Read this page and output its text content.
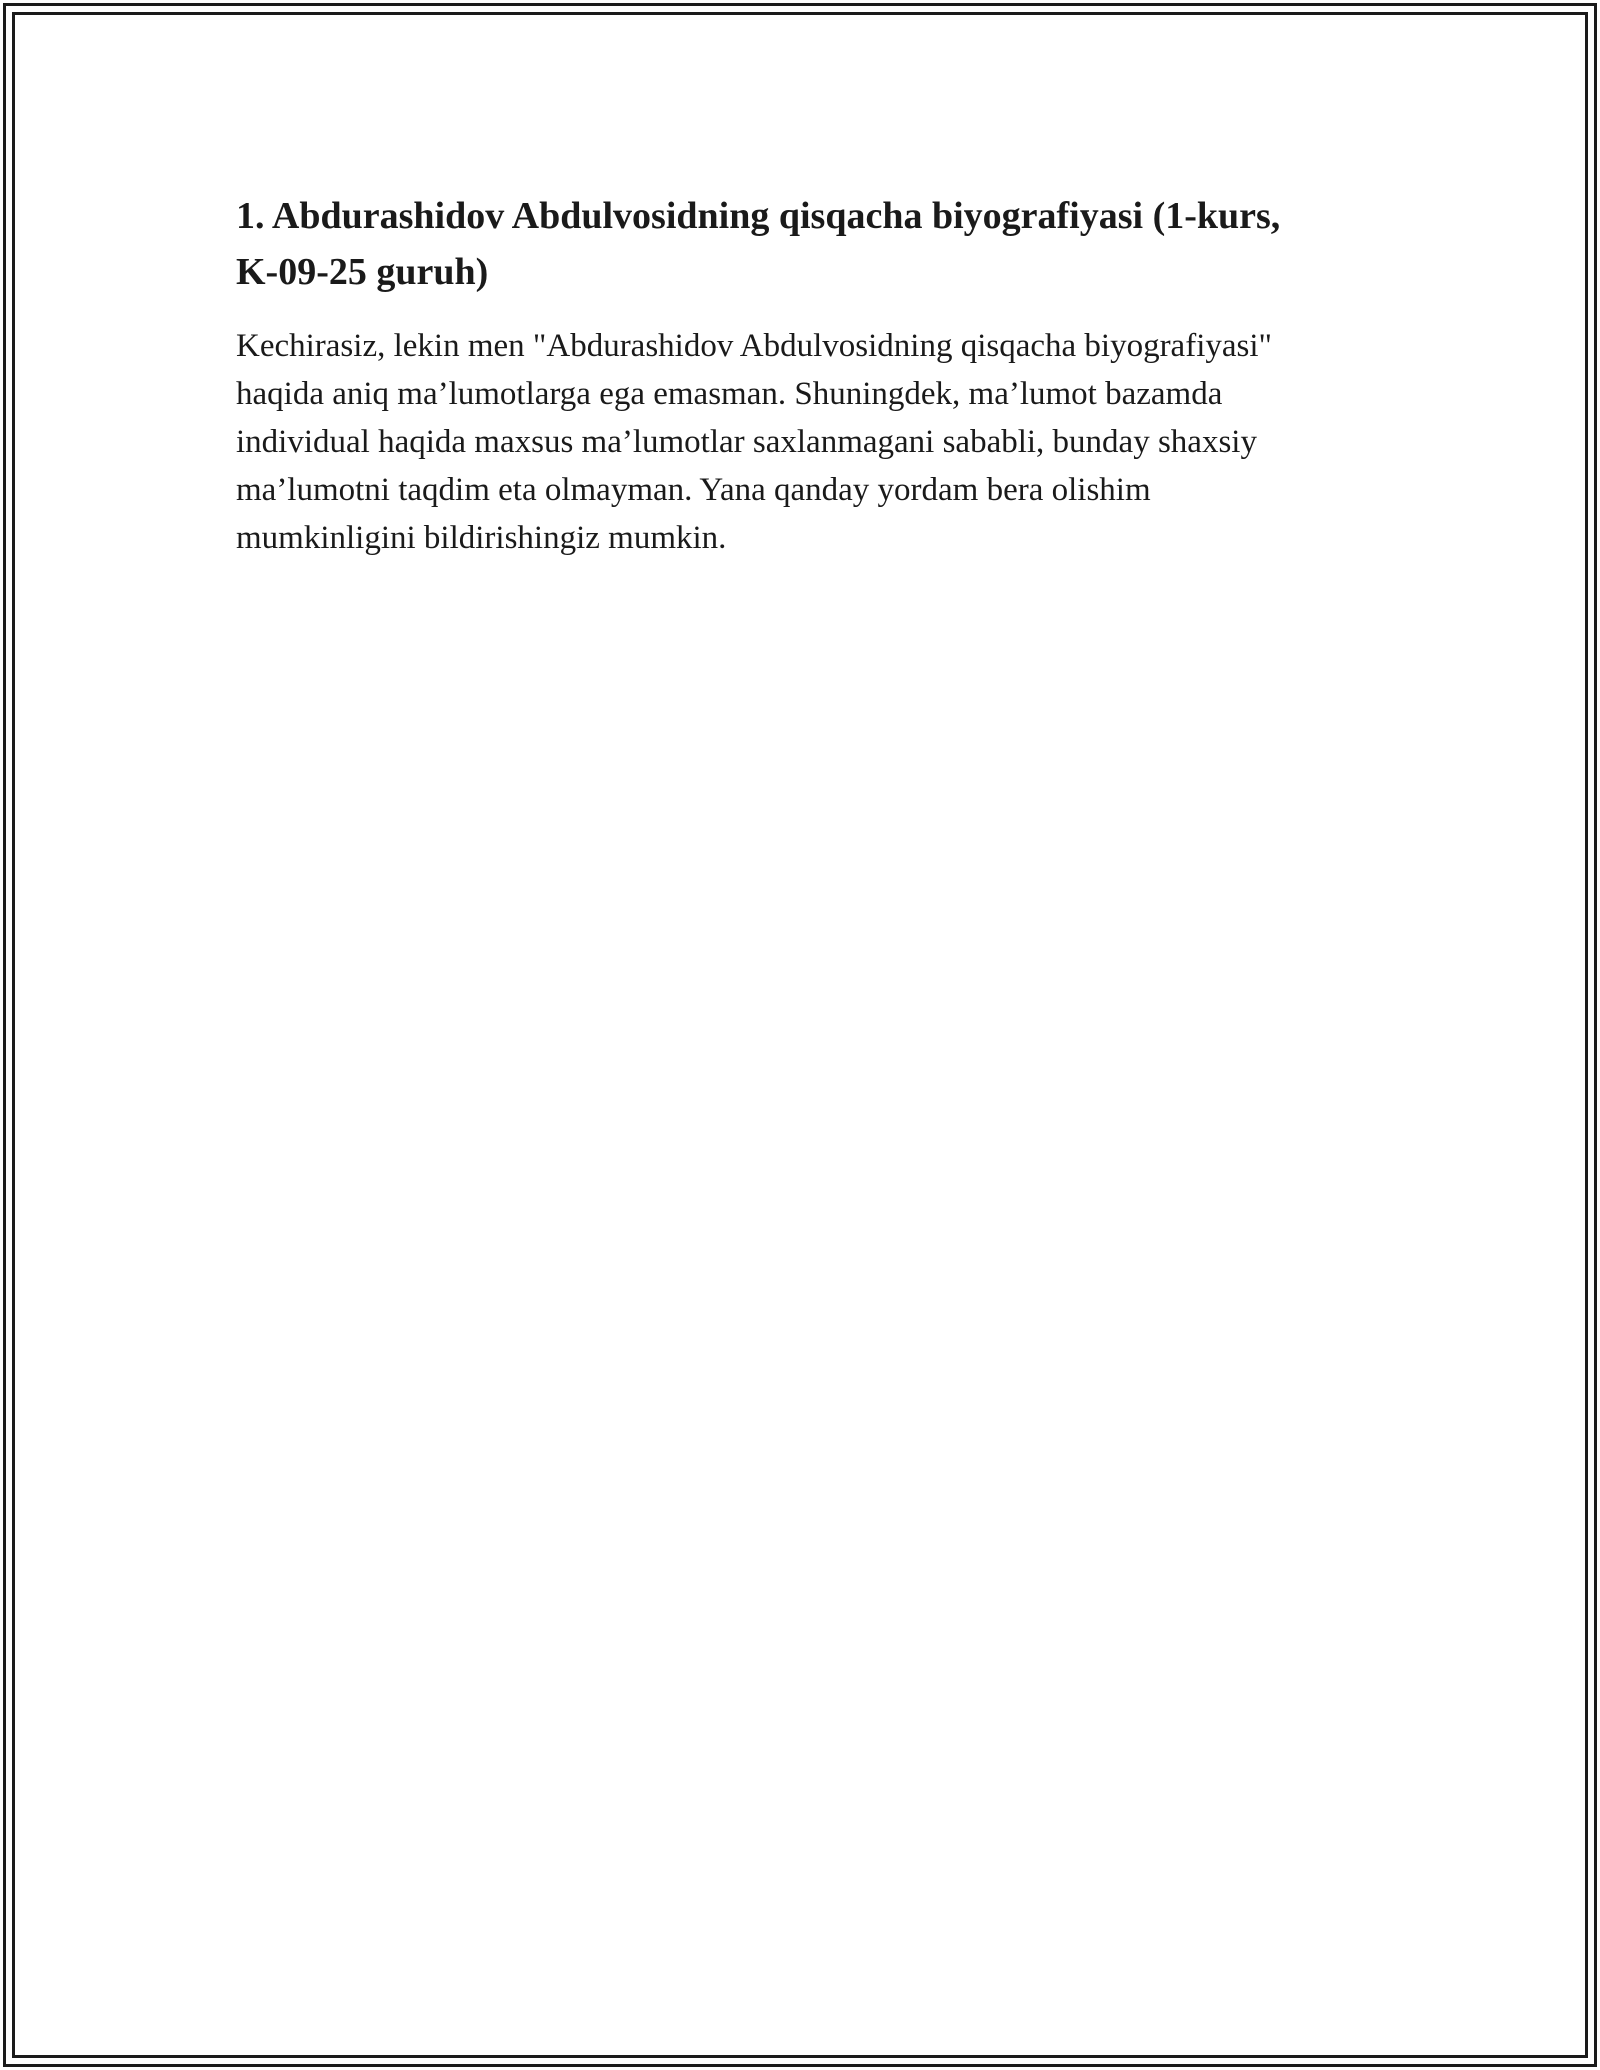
1. Abdurashidov Abdulvosidning qisqacha biyografiyasi (1-kurs, K-09-25 guruh)

Kechirasiz, lekin men "Abdurashidov Abdulvosidning qisqacha biyografiyasi" haqida aniq ma’lumotlarga ega emasman. Shuningdek, ma’lumot bazamda individual haqida maxsus ma’lumotlar saxlanmagani sababli, bunday shaxsiy ma’lumotni taqdim eta olmayman. Yana qanday yordam bera olishim mumkinligini bildirishingiz mumkin.
